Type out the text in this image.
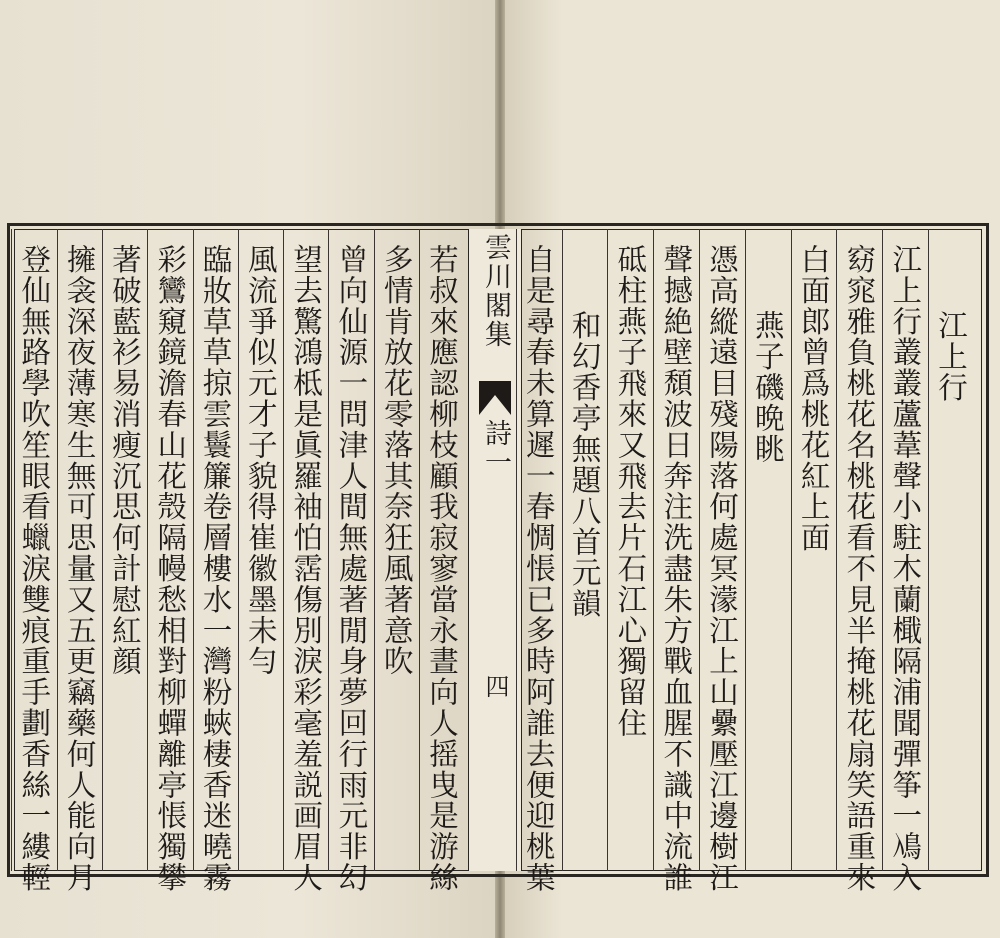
雲川閣集
詩一
四
江上行
江上行叢叢蘆葦聲小駐木蘭檝隔浦聞彈筝一鳰入
窈窕雅負桃花名桃花看不見半掩桃花扇笑語重來
白面郎曾爲桃花紅上面
燕子磯晩眺
憑高縱遠目殘陽落何處冥濛江上山纍壓江邊樹江
聲撼絶壁頹波日奔注洗盡朱方戰血腥不識中流誰
砥柱燕子飛來又飛去片石江心獨留住
和幻香亭無題八首元韻
自是尋春未算遲一春惆悵已多時阿誰去便迎桃葉
若叔來應認柳枝顧我寂寥當永晝向人摇曳是游絲
多情肯放花零落其奈狂風著意吹
曾向仙源一問津人間無處著閒身夢回行雨元非幻
望去驚鴻柢是眞羅袖怕霑傷別淚彩毫羞説画眉人
風流爭似元才子貌得崔徽墨未勻
臨妝草草掠雲鬟簾卷層樓水一灣粉蛺棲香迷曉霧
彩鸞窺鏡澹春山花殼隔幔愁相對柳蟬離亭悵獨攀
著破藍衫易消瘦沉思何計慰紅顔
擁衾深夜薄寒生無可思量又五更竊藥何人能向月
登仙無路學吹笙眼看蠟淚雙痕重手劃香絲一縷輕
